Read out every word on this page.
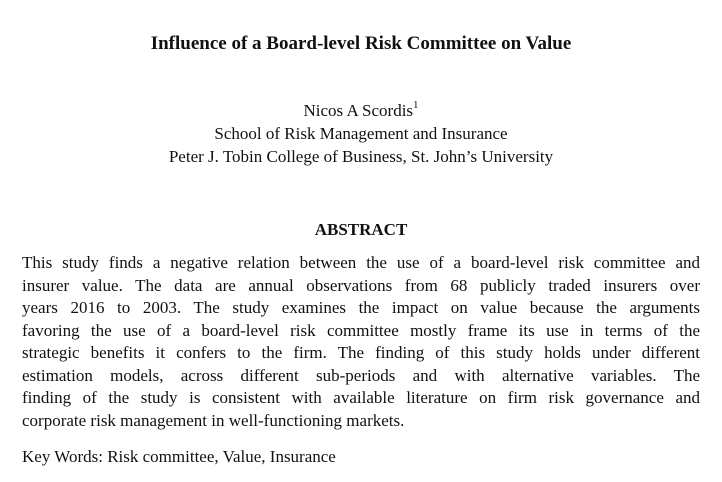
Influence of a Board-level Risk Committee on Value
Nicos A Scordis$^1$
School of Risk Management and Insurance
Peter J. Tobin College of Business, St. John’s University
ABSTRACT
This study finds a negative relation between the use of a board-level risk committee and
insurer value. The data are annual observations from 68 publicly traded insurers over
years 2016 to 2003. The study examines the impact on value because the arguments
favoring the use of a board-level risk committee mostly frame its use in terms of the
strategic benefits it confers to the firm. The finding of this study holds under different
estimation models, across different sub-periods and with alternative variables. The
finding of the study is consistent with available literature on firm risk governance and
corporate risk management in well-functioning markets.
Key Words: Risk committee, Value, Insurance
